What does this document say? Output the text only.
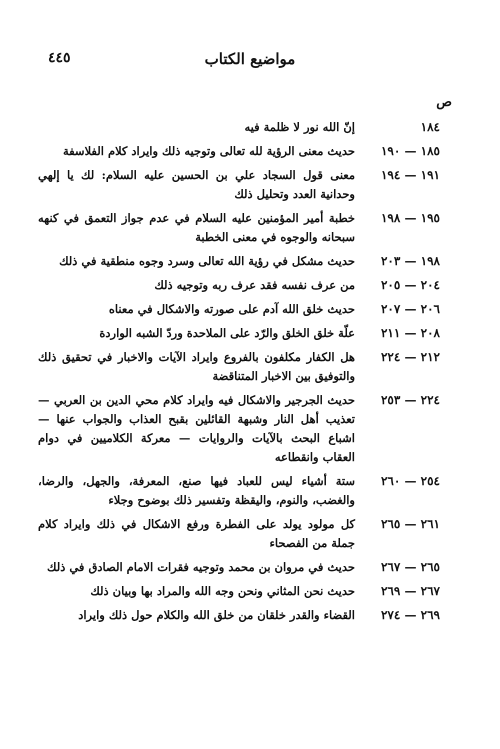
مواضيع الكتاب
٤٤٥
ص
١٨٤
إنّ الله نور لا ظلمة فيه
١٨٥ — ١٩٠
حديث معنى الرؤية لله تعالى وتوجيه ذلك وايراد كلام الفلاسفة
١٩١ — ١٩٤
معنى قول السجاد علي بن الحسين عليه السلام: لك يا إلهي وحدانية العدد وتحليل ذلك
١٩٥ — ١٩٨
خطبة أمير المؤمنين عليه السلام في عدم جواز التعمق في كنهه سبحانه والوجوه في معنى الخطبة
١٩٨ — ٢٠٣
حديث مشكل في رؤية الله تعالى وسرد وجوه منطقية في ذلك
٢٠٤ — ٢٠٥
من عرف نفسه فقد عرف ربه وتوجيه ذلك
٢٠٦ — ٢٠٧
حديث خلق الله آدم على صورته والاشكال في معناه
٢٠٨ — ٢١١
علّة خلق الخلق والرّد على الملاحدة وردّ الشبه الواردة
٢١٢ — ٢٢٤
هل الكفار مكلفون بالفروع وايراد الآيات والاخبار في تحقيق ذلك والتوفيق بين الاخبار المتناقضة
٢٢٤ — ٢٥٣
حديث الجرجير والاشكال فيه وايراد كلام محي الدين بن العربي — تعذيب أهل النار وشبهة القائلين بقبح العذاب والجواب عنها — اشباع البحث بالآيات والروايات — معركة الكلاميين في دوام العقاب وانقطاعه
٢٥٤ — ٢٦٠
ستة أشياء ليس للعباد فيها صنع، المعرفة، والجهل، والرضا، والغضب، والنوم، واليقظة وتفسير ذلك بوضوح وجلاء
٢٦١ — ٢٦٥
كل مولود يولد على الفطرة ورفع الاشكال في ذلك وايراد كلام جملة من الفصحاء
٢٦٥ — ٢٦٧
حديث في مروان بن محمد وتوجيه فقرات الامام الصادق في ذلك
٢٦٧ — ٢٦٩
حديث نحن المثاني ونحن وجه الله والمراد بها وبيان ذلك
٢٦٩ — ٢٧٤
القضاء والقدر خلقان من خلق الله والكلام حول ذلك وايراد
